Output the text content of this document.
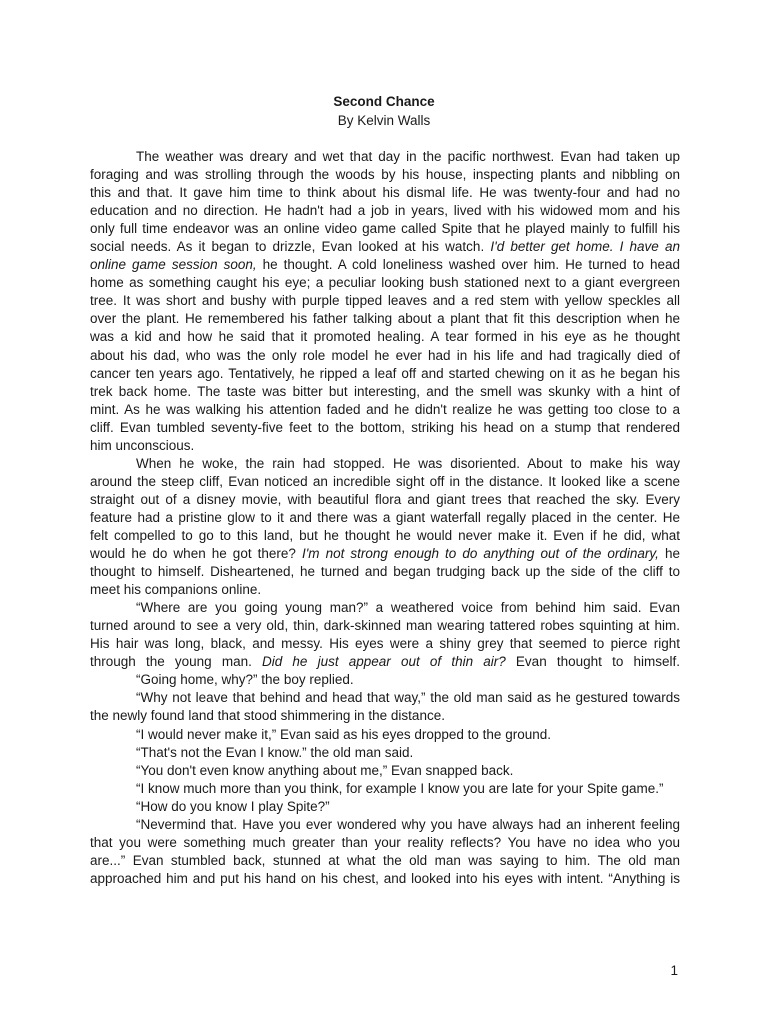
Second Chance
By Kelvin Walls
The weather was dreary and wet that day in the pacific northwest. Evan had taken up
foraging and was strolling through the woods by his house, inspecting plants and nibbling on
this and that. It gave him time to think about his dismal life. He was twenty-four and had no
education and no direction. He hadn't had a job in years, lived with his widowed mom and his
only full time endeavor was an online video game called Spite that he played mainly to fulfill his
social needs. As it began to drizzle, Evan looked at his watch. I'd better get home. I have an
online game session soon, he thought. A cold loneliness washed over him. He turned to head
home as something caught his eye; a peculiar looking bush stationed next to a giant evergreen
tree. It was short and bushy with purple tipped leaves and a red stem with yellow speckles all
over the plant. He remembered his father talking about a plant that fit this description when he
was a kid and how he said that it promoted healing. A tear formed in his eye as he thought
about his dad, who was the only role model he ever had in his life and had tragically died of
cancer ten years ago. Tentatively, he ripped a leaf off and started chewing on it as he began his
trek back home. The taste was bitter but interesting, and the smell was skunky with a hint of
mint. As he was walking his attention faded and he didn't realize he was getting too close to a
cliff. Evan tumbled seventy-five feet to the bottom, striking his head on a stump that rendered
him unconscious.
When he woke, the rain had stopped. He was disoriented. About to make his way
around the steep cliff, Evan noticed an incredible sight off in the distance. It looked like a scene
straight out of a disney movie, with beautiful flora and giant trees that reached the sky. Every
feature had a pristine glow to it and there was a giant waterfall regally placed in the center. He
felt compelled to go to this land, but he thought he would never make it. Even if he did, what
would he do when he got there? I'm not strong enough to do anything out of the ordinary, he
thought to himself. Disheartened, he turned and began trudging back up the side of the cliff to
meet his companions online.
“Where are you going young man?” a weathered voice from behind him said. Evan
turned around to see a very old, thin, dark-skinned man wearing tattered robes squinting at him.
His hair was long, black, and messy. His eyes were a shiny grey that seemed to pierce right
through the young man. Did he just appear out of thin air? Evan thought to himself.
“Going home, why?” the boy replied.
“Why not leave that behind and head that way,” the old man said as he gestured towards
the newly found land that stood shimmering in the distance.
“I would never make it,” Evan said as his eyes dropped to the ground.
“That's not the Evan I know.” the old man said.
“You don't even know anything about me,” Evan snapped back.
“I know much more than you think, for example I know you are late for your Spite game.”
“How do you know I play Spite?”
“Nevermind that. Have you ever wondered why you have always had an inherent feeling
that you were something much greater than your reality reflects? You have no idea who you
are...” Evan stumbled back, stunned at what the old man was saying to him. The old man
approached him and put his hand on his chest, and looked into his eyes with intent. “Anything is
1
